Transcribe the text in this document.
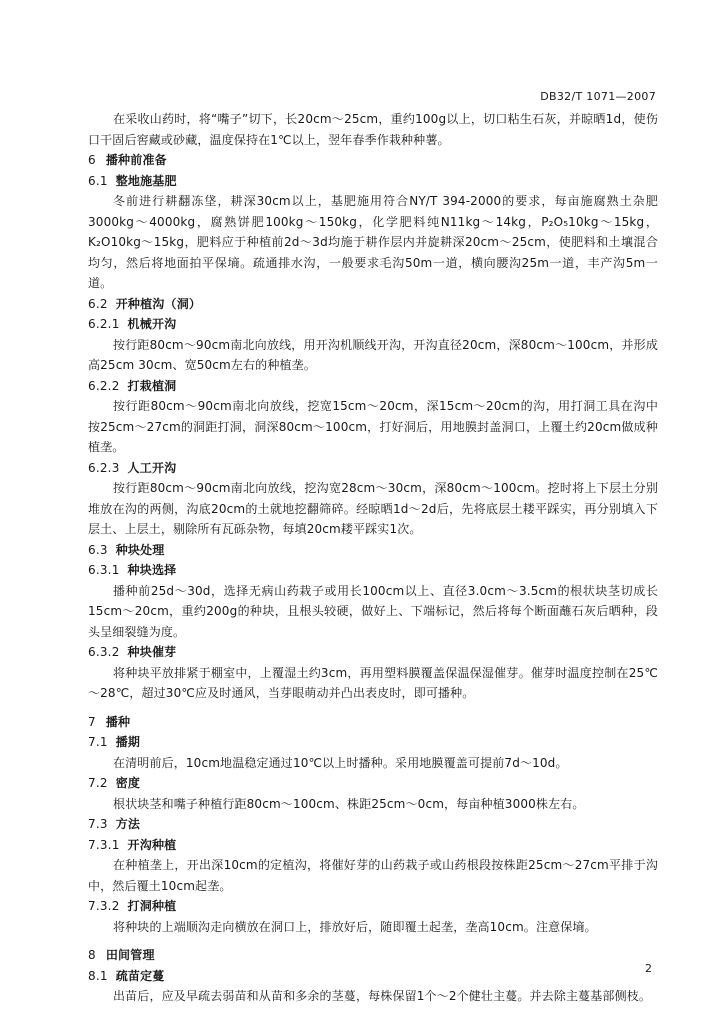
DB32/T 1071—2007

在采收山药时，将“嘴子”切下，长20cm～25cm，重约100g以上，切口粘生石灰，并晾晒1d，使伤口干固后窖藏或砂藏，温度保持在1℃以上，翌年春季作栽种种薯。

6 播种前准备
6.1 整地施基肥

冬前进行耕翻冻垡，耕深30cm以上，基肥施用符合NY/T 394-2000的要求，每亩施腐熟土杂肥3000kg～4000kg，腐熟饼肥100kg～150kg，化学肥料纯N11kg～14kg，P₂O₅10kg～15kg，K₂O10kg～15kg，肥料应于种植前2d～3d均施于耕作层内并旋耕深20cm～25cm，使肥料和土壤混合均匀，然后将地面拍平保墒。疏通排水沟，一般要求毛沟50m一道，横向腰沟25m一道，丰产沟5m一道。

6.2 开种植沟（洞）
6.2.1 机械开沟

按行距80cm～90cm南北向放线，用开沟机顺线开沟，开沟直径20cm，深80cm～100cm，并形成高25cm 30cm、宽50cm左右的种植垄。

6.2.2 打栽植洞

按行距80cm～90cm南北向放线，挖宽15cm～20cm，深15cm～20cm的沟，用打洞工具在沟中按25cm～27cm的洞距打洞，洞深80cm～100cm，打好洞后，用地膜封盖洞口，上覆土约20cm做成种植垄。

6.2.3 人工开沟

按行距80cm～90cm南北向放线，挖沟宽28cm～30cm，深80cm～100cm。挖时将上下层土分别堆放在沟的两侧，沟底20cm的土就地挖翻筛碎。经晾晒1d～2d后，先将底层土耧平踩实，再分别填入下层土、上层土，剔除所有瓦砾杂物，每填20cm耧平踩实1次。

6.3 种块处理
6.3.1 种块选择

播种前25d～30d，选择无病山药栽子或用长100cm以上、直径3.0cm～3.5cm的根状块茎切成长15cm～20cm，重约200g的种块，且根头较硬，做好上、下端标记，然后将每个断面蘸石灰后晒种，段头呈细裂缝为度。

6.3.2 种块催芽

将种块平放排紧于棚室中，上覆湿土约3cm，再用塑料膜覆盖保温保湿催芽。催芽时温度控制在25℃～28℃，超过30℃应及时通风，当芽眼萌动并凸出表皮时，即可播种。

7 播种
7.1 播期

在清明前后，10cm地温稳定通过10℃以上时播种。采用地膜覆盖可提前7d～10d。

7.2 密度

根状块茎和嘴子种植行距80cm～100cm、株距25cm～0cm，每亩种植3000株左右。

7.3 方法
7.3.1 开沟种植

在种植垄上，开出深10cm的定植沟，将催好芽的山药栽子或山药根段按株距25cm～27cm平排于沟中，然后覆土10cm起垄。

7.3.2 打洞种植

将种块的上端顺沟走向横放在洞口上，排放好后，随即覆土起垄，垄高10cm。注意保墒。

8 田间管理
8.1 疏苗定蔓

出苗后，应及早疏去弱苗和从苗和多余的茎蔓，每株保留1个～2个健壮主蔓。并去除主蔓基部侧枝。

2
